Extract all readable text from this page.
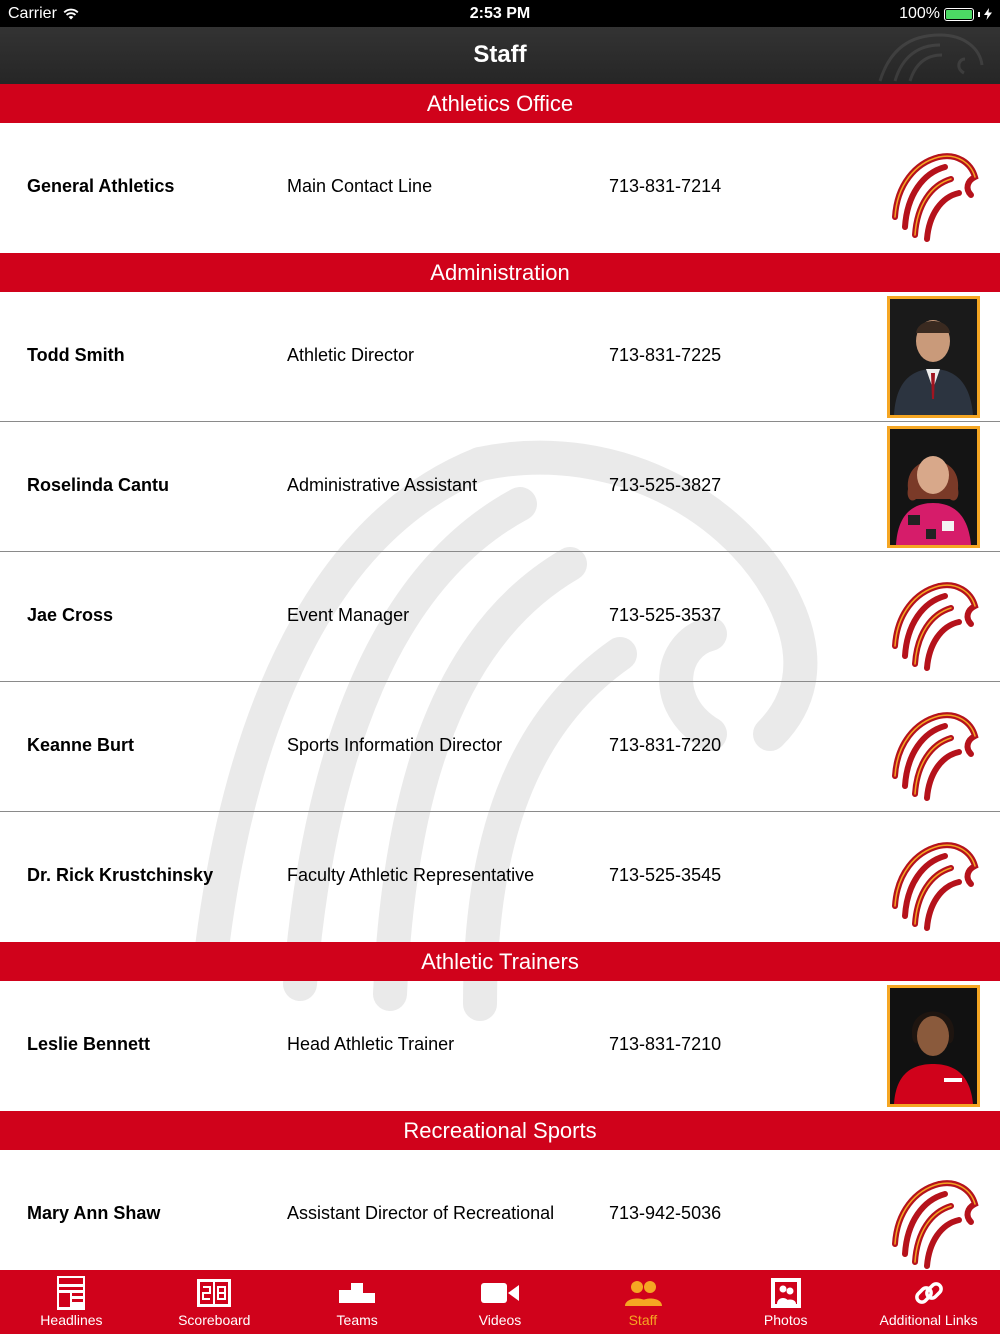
Carrier	2:53 PM	100%
Staff
Athletics Office
General Athletics	Main Contact Line	713-831-7214
Administration
Todd Smith	Athletic Director	713-831-7225
Roselinda Cantu	Administrative Assistant	713-525-3827
Jae Cross	Event Manager	713-525-3537
Keanne Burt	Sports Information Director	713-831-7220
Dr. Rick Krustchinsky	Faculty Athletic Representative	713-525-3545
Athletic Trainers
Leslie Bennett	Head Athletic Trainer	713-831-7210
Recreational Sports
Mary Ann Shaw	Assistant Director of Recreational	713-942-5036
Headlines	Scoreboard	Teams	Videos	Staff	Photos	Additional Links
